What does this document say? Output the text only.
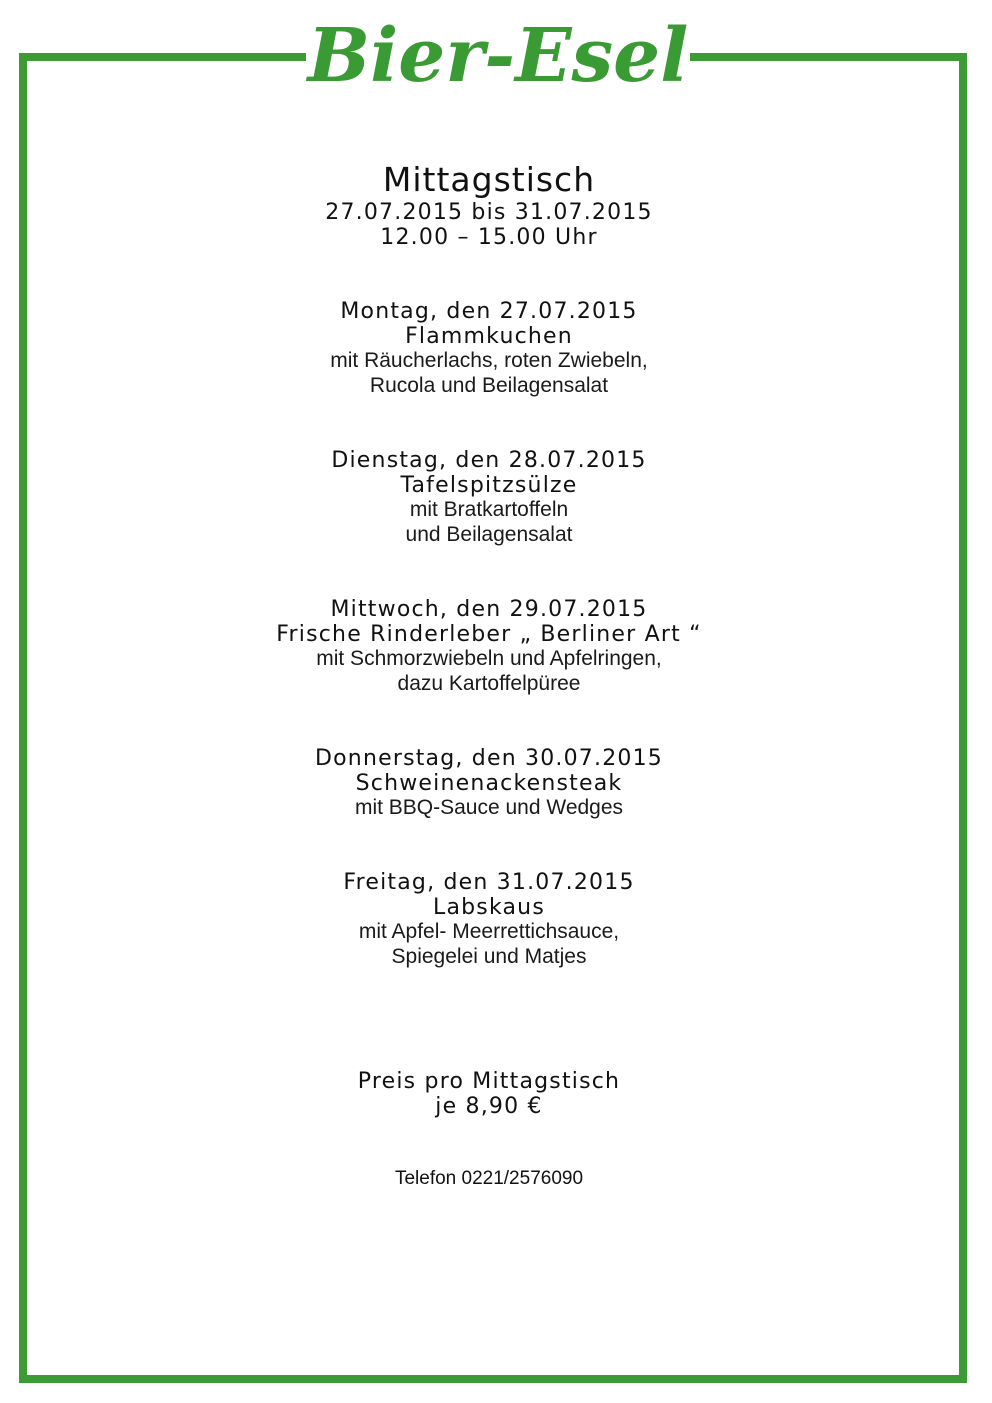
Bier-Esel
Mittagstisch
27.07.2015 bis 31.07.2015
12.00 – 15.00 Uhr
Montag, den 27.07.2015
Flammkuchen
mit Räucherlachs, roten Zwiebeln,
Rucola und Beilagensalat
Dienstag, den 28.07.2015
Tafelspitzsülze
mit Bratkartoffeln
und Beilagensalat
Mittwoch, den 29.07.2015
Frische Rinderleber „ Berliner Art “
mit Schmorzwiebeln und Apfelringen,
dazu Kartoffelpüree
Donnerstag, den 30.07.2015
Schweinenackensteak
mit BBQ-Sauce und Wedges
Freitag, den 31.07.2015
Labskaus
mit Apfel- Meerrettichsauce,
Spiegelei und Matjes
Preis pro Mittagstisch
je 8,90 €
Telefon 0221/2576090
